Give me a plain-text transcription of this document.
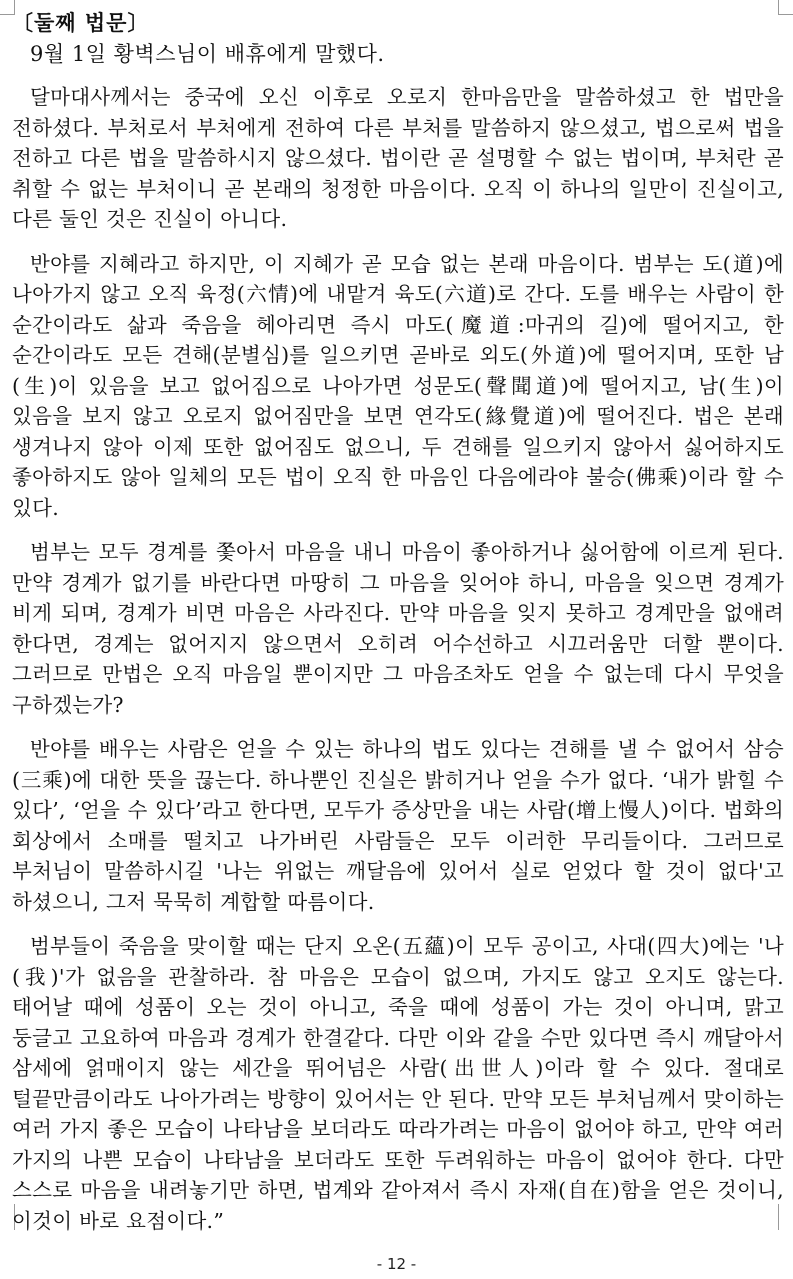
〔둘째 법문〕

9월 1일 황벽스님이 배휴에게 말했다.

달마대사께서는 중국에 오신 이후로 오로지 한마음만을 말씀하셨고 한 법만을 전하셨다. 부처로서 부처에게 전하여 다른 부처를 말씀하지 않으셨고, 법으로써 법을 전하고 다른 법을 말씀하시지 않으셨다. 법이란 곧 설명할 수 없는 법이며, 부처란 곧 취할 수 없는 부처이니 곧 본래의 청정한 마음이다. 오직 이 하나의 일만이 진실이고, 다른 둘인 것은 진실이 아니다.

반야를 지혜라고 하지만, 이 지혜가 곧 모습 없는 본래 마음이다. 범부는 도(道)에 나아가지 않고 오직 육정(六情)에 내맡겨 육도(六道)로 간다. 도를 배우는 사람이 한 순간이라도 삶과 죽음을 헤아리면 즉시 마도(魔道:마귀의 길)에 떨어지고, 한 순간이라도 모든 견해(분별심)를 일으키면 곧바로 외도(外道)에 떨어지며, 또한 남(生)이 있음을 보고 없어짐으로 나아가면 성문도(聲聞道)에 떨어지고, 남(生)이 있음을 보지 않고 오로지 없어짐만을 보면 연각도(緣覺道)에 떨어진다. 법은 본래 생겨나지 않아 이제 또한 없어짐도 없으니, 두 견해를 일으키지 않아서 싫어하지도 좋아하지도 않아 일체의 모든 법이 오직 한 마음인 다음에라야 불승(佛乘)이라 할 수 있다.

범부는 모두 경계를 쫓아서 마음을 내니 마음이 좋아하거나 싫어함에 이르게 된다. 만약 경계가 없기를 바란다면 마땅히 그 마음을 잊어야 하니, 마음을 잊으면 경계가 비게 되며, 경계가 비면 마음은 사라진다. 만약 마음을 잊지 못하고 경계만을 없애려 한다면, 경계는 없어지지 않으면서 오히려 어수선하고 시끄러움만 더할 뿐이다. 그러므로 만법은 오직 마음일 뿐이지만 그 마음조차도 얻을 수 없는데 다시 무엇을 구하겠는가?

반야를 배우는 사람은 얻을 수 있는 하나의 법도 있다는 견해를 낼 수 없어서 삼승(三乘)에 대한 뜻을 끊는다. 하나뿐인 진실은 밝히거나 얻을 수가 없다. ‘내가 밝힐 수 있다’, ‘얻을 수 있다’라고 한다면, 모두가 증상만을 내는 사람(增上慢人)이다. 법화의 회상에서 소매를 떨치고 나가버린 사람들은 모두 이러한 무리들이다. 그러므로 부처님이 말씀하시길 '나는 위없는 깨달음에 있어서 실로 얻었다 할 것이 없다'고 하셨으니, 그저 묵묵히 계합할 따름이다.

범부들이 죽음을 맞이할 때는 단지 오온(五蘊)이 모두 공이고, 사대(四大)에는 '나(我)'가 없음을 관찰하라. 참 마음은 모습이 없으며, 가지도 않고 오지도 않는다. 태어날 때에 성품이 오는 것이 아니고, 죽을 때에 성품이 가는 것이 아니며, 맑고 둥글고 고요하여 마음과 경계가 한결같다. 다만 이와 같을 수만 있다면 즉시 깨달아서 삼세에 얽매이지 않는 세간을 뛰어넘은 사람(出世人)이라 할 수 있다. 절대로 털끝만큼이라도 나아가려는 방향이 있어서는 안 된다. 만약 모든 부처님께서 맞이하는 여러 가지 좋은 모습이 나타남을 보더라도 따라가려는 마음이 없어야 하고, 만약 여러 가지의 나쁜 모습이 나타남을 보더라도 또한 두려워하는 마음이 없어야 한다. 다만 스스로 마음을 내려놓기만 하면, 법계와 같아져서 즉시 자재(自在)함을 얻은 것이니, 이것이 바로 요점이다.”

- 12 -
